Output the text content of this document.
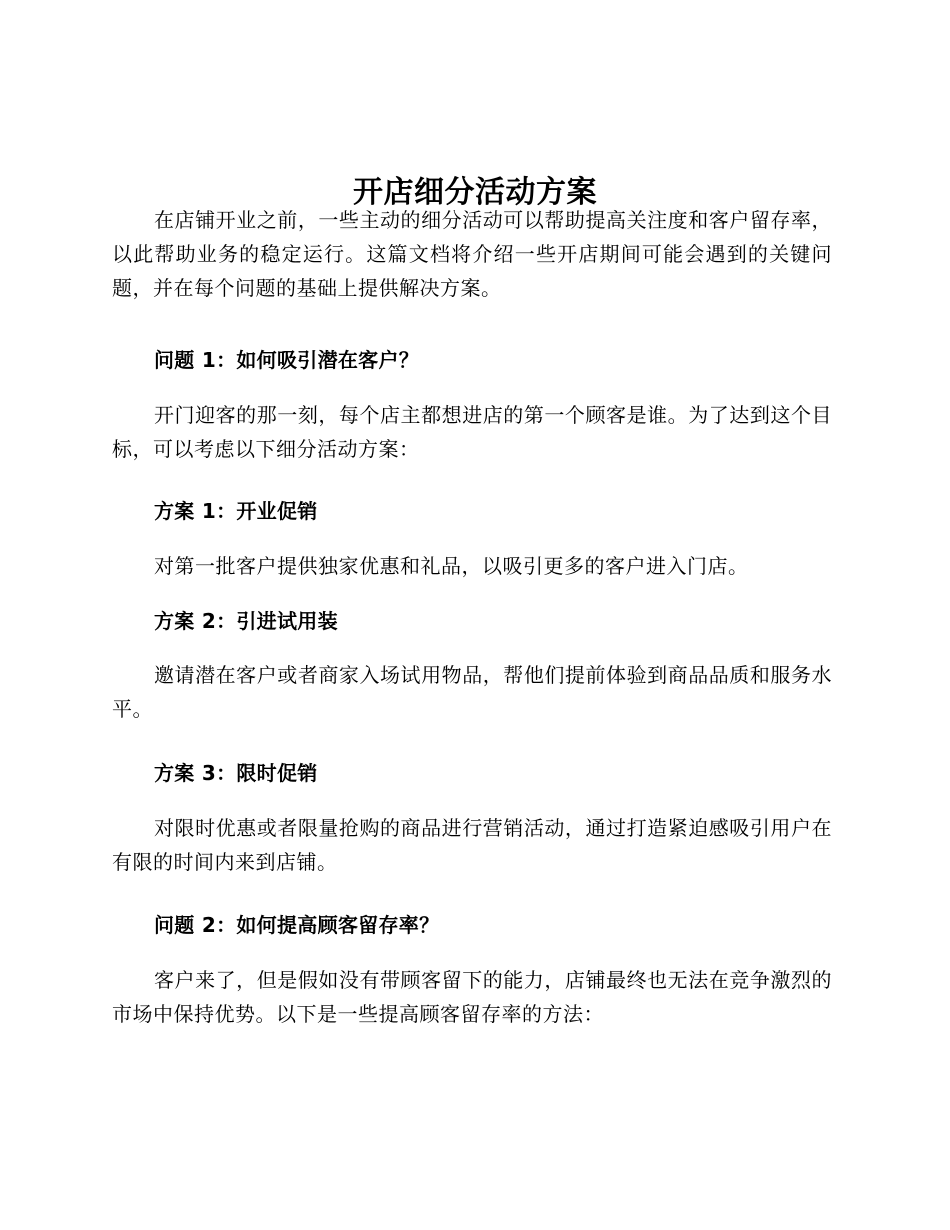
开店细分活动方案

在店铺开业之前，一些主动的细分活动可以帮助提高关注度和客户留存率，以此帮助业务的稳定运行。这篇文档将介绍一些开店期间可能会遇到的关键问题，并在每个问题的基础上提供解决方案。

问题 1：如何吸引潜在客户？

开门迎客的那一刻，每个店主都想进店的第一个顾客是谁。为了达到这个目标，可以考虑以下细分活动方案：

方案 1：开业促销

对第一批客户提供独家优惠和礼品，以吸引更多的客户进入门店。

方案 2：引进试用装

邀请潜在客户或者商家入场试用物品，帮他们提前体验到商品品质和服务水平。

方案 3：限时促销

对限时优惠或者限量抢购的商品进行营销活动，通过打造紧迫感吸引用户在有限的时间内来到店铺。

问题 2：如何提高顾客留存率？

客户来了，但是假如没有带顾客留下的能力，店铺最终也无法在竞争激烈的市场中保持优势。以下是一些提高顾客留存率的方法：
